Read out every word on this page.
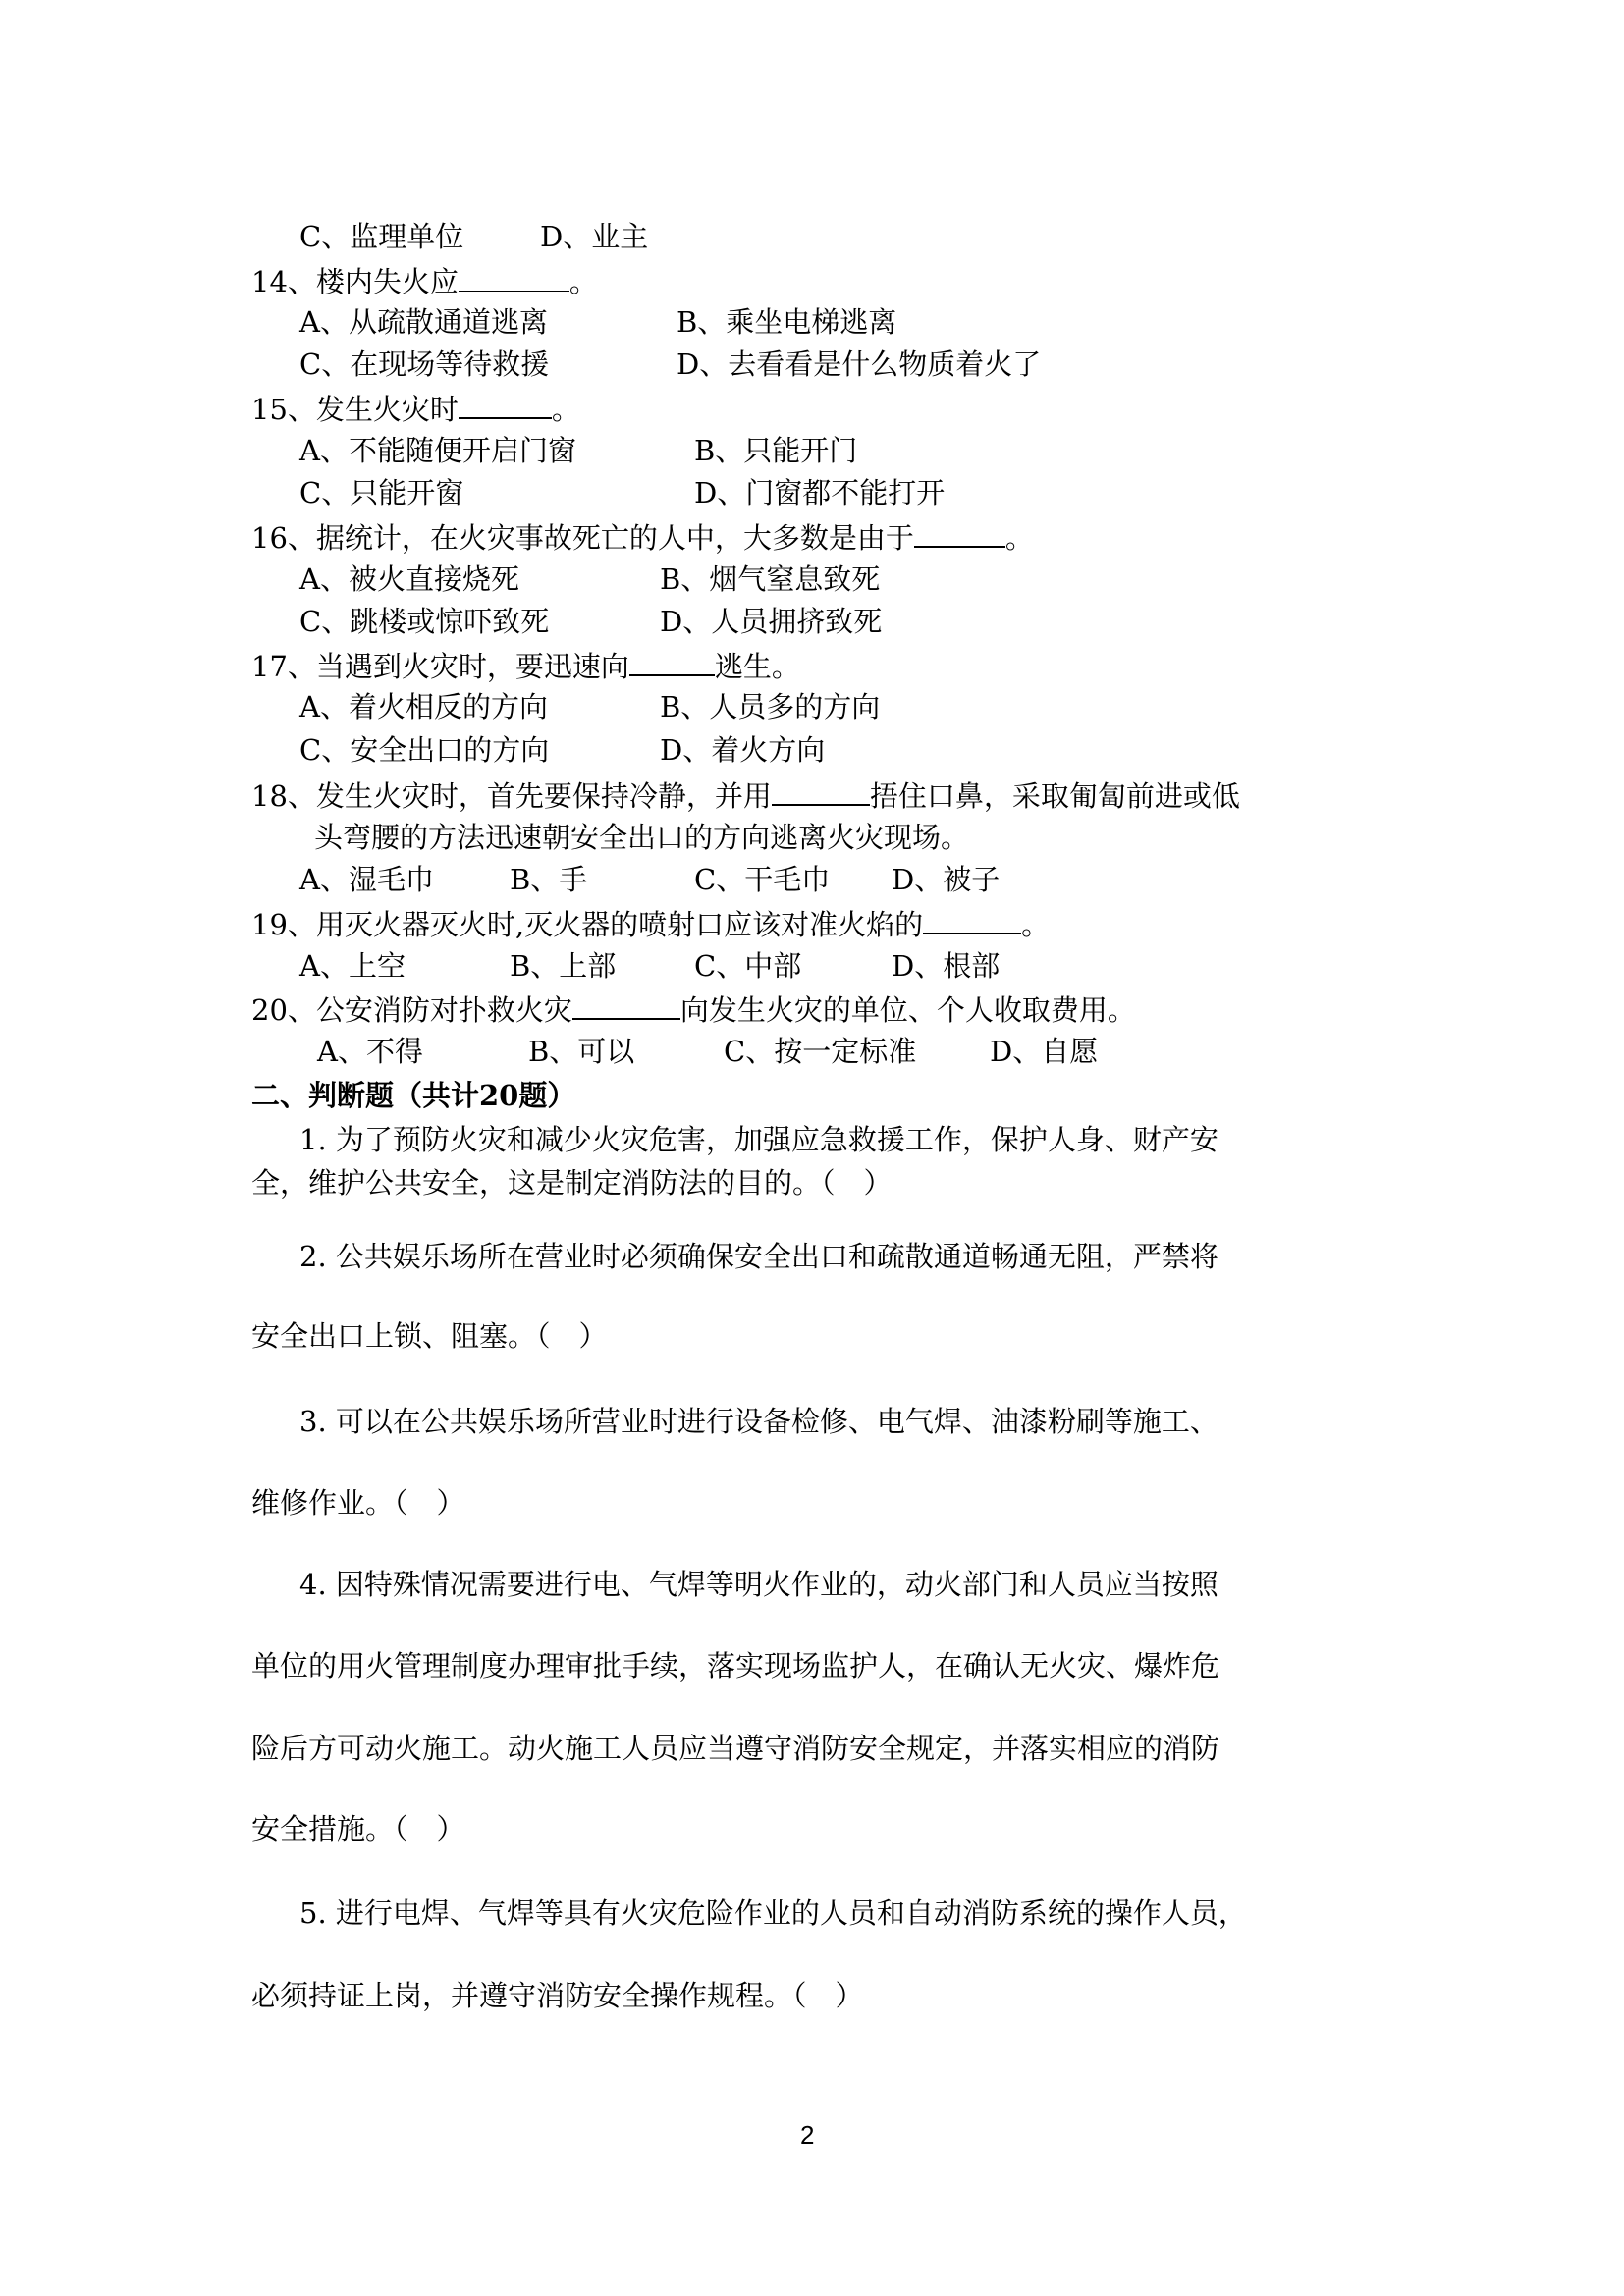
C、监理单位	D、业主
14、楼内失火应	。
A、从疏散通道逃离	B、乘坐电梯逃离
C、在现场等待救援	D、去看看是什么物质着火了
15、发生火灾时	。
A、不能随便开启门窗	B、只能开门
C、只能开窗	D、门窗都不能打开
16、据统计，在火灾事故死亡的人中，大多数是由于	。
A、被火直接烧死	B、烟气窒息致死
C、跳楼或惊吓致死	D、人员拥挤致死
17、当遇到火灾时，要迅速向	逃生。
A、着火相反的方向	B、人员多的方向
C、安全出口的方向	D、着火方向
18、发生火灾时，首先要保持冷静，并用	捂住口鼻，采取匍匐前进或低
头弯腰的方法迅速朝安全出口的方向逃离火灾现场。
A、湿毛巾	B、手	C、干毛巾 D、被子
19、用灭火器灭火时,灭火器的喷射口应该对准火焰的	。
A、上空	B、上部	C、中部	D、根部
20、公安消防对扑救火灾	向发生火灾的单位、个人收取费用。
A、不得	B、可以	C、按一定标准	D、自愿
二、判断题（共计20题）
1. 为了预防火灾和减少火灾危害，加强应急救援工作，保护人身、财产安
全，维护公共安全，这是制定消防法的目的。（　）
2. 公共娱乐场所在营业时必须确保安全出口和疏散通道畅通无阻，严禁将
安全出口上锁、阻塞。（　）
3. 可以在公共娱乐场所营业时进行设备检修、电气焊、油漆粉刷等施工、
维修作业。（　）
4. 因特殊情况需要进行电、气焊等明火作业的，动火部门和人员应当按照
单位的用火管理制度办理审批手续，落实现场监护人，在确认无火灾、爆炸危
险后方可动火施工。动火施工人员应当遵守消防安全规定，并落实相应的消防
安全措施。（　）
5. 进行电焊、气焊等具有火灾危险作业的人员和自动消防系统的操作人员，
必须持证上岗，并遵守消防安全操作规程。（　）
2
